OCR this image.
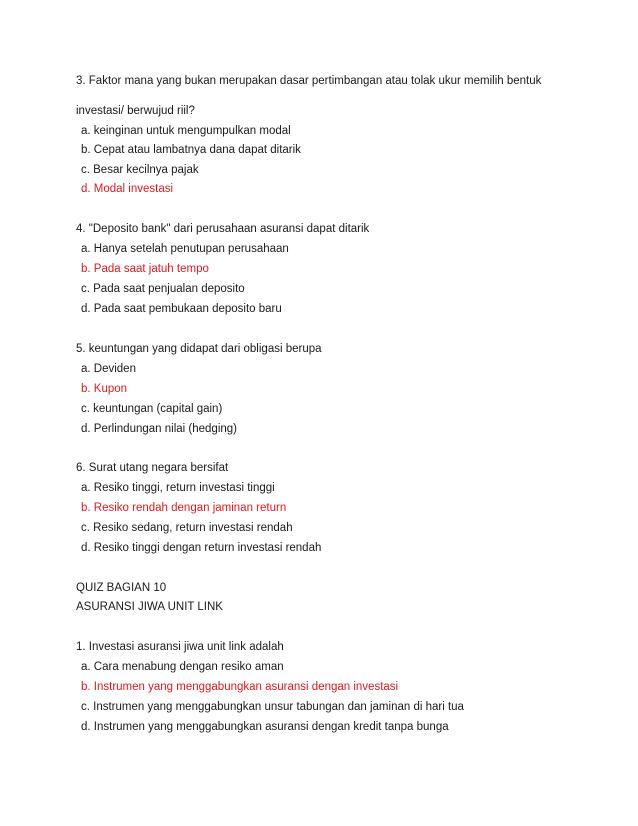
3. Faktor mana yang bukan merupakan dasar pertimbangan atau tolak ukur memilih bentuk
investasi/ berwujud riil?
a. keinginan untuk mengumpulkan modal
b. Cepat atau lambatnya dana dapat ditarik
c. Besar kecilnya pajak
d. Modal investasi
4. "Deposito bank" dari perusahaan asuransi dapat ditarik
a. Hanya setelah penutupan perusahaan
b. Pada saat jatuh tempo
c. Pada saat penjualan deposito
d. Pada saat pembukaan deposito baru
5. keuntungan yang didapat dari obligasi berupa
a. Deviden
b. Kupon
c. keuntungan (capital gain)
d. Perlindungan nilai (hedging)
6. Surat utang negara bersifat
a. Resiko tinggi, return investasi tinggi
b. Resiko rendah dengan jaminan return
c. Resiko sedang, return investasi rendah
d. Resiko tinggi dengan return investasi rendah
QUIZ BAGIAN 10
ASURANSI JIWA UNIT LINK
1. Investasi asuransi jiwa unit link adalah
a. Cara menabung dengan resiko aman
b. Instrumen yang menggabungkan asuransi dengan investasi
c. Instrumen yang menggabungkan unsur tabungan dan jaminan di hari tua
d. Instrumen yang menggabungkan asuransi dengan kredit tanpa bunga
